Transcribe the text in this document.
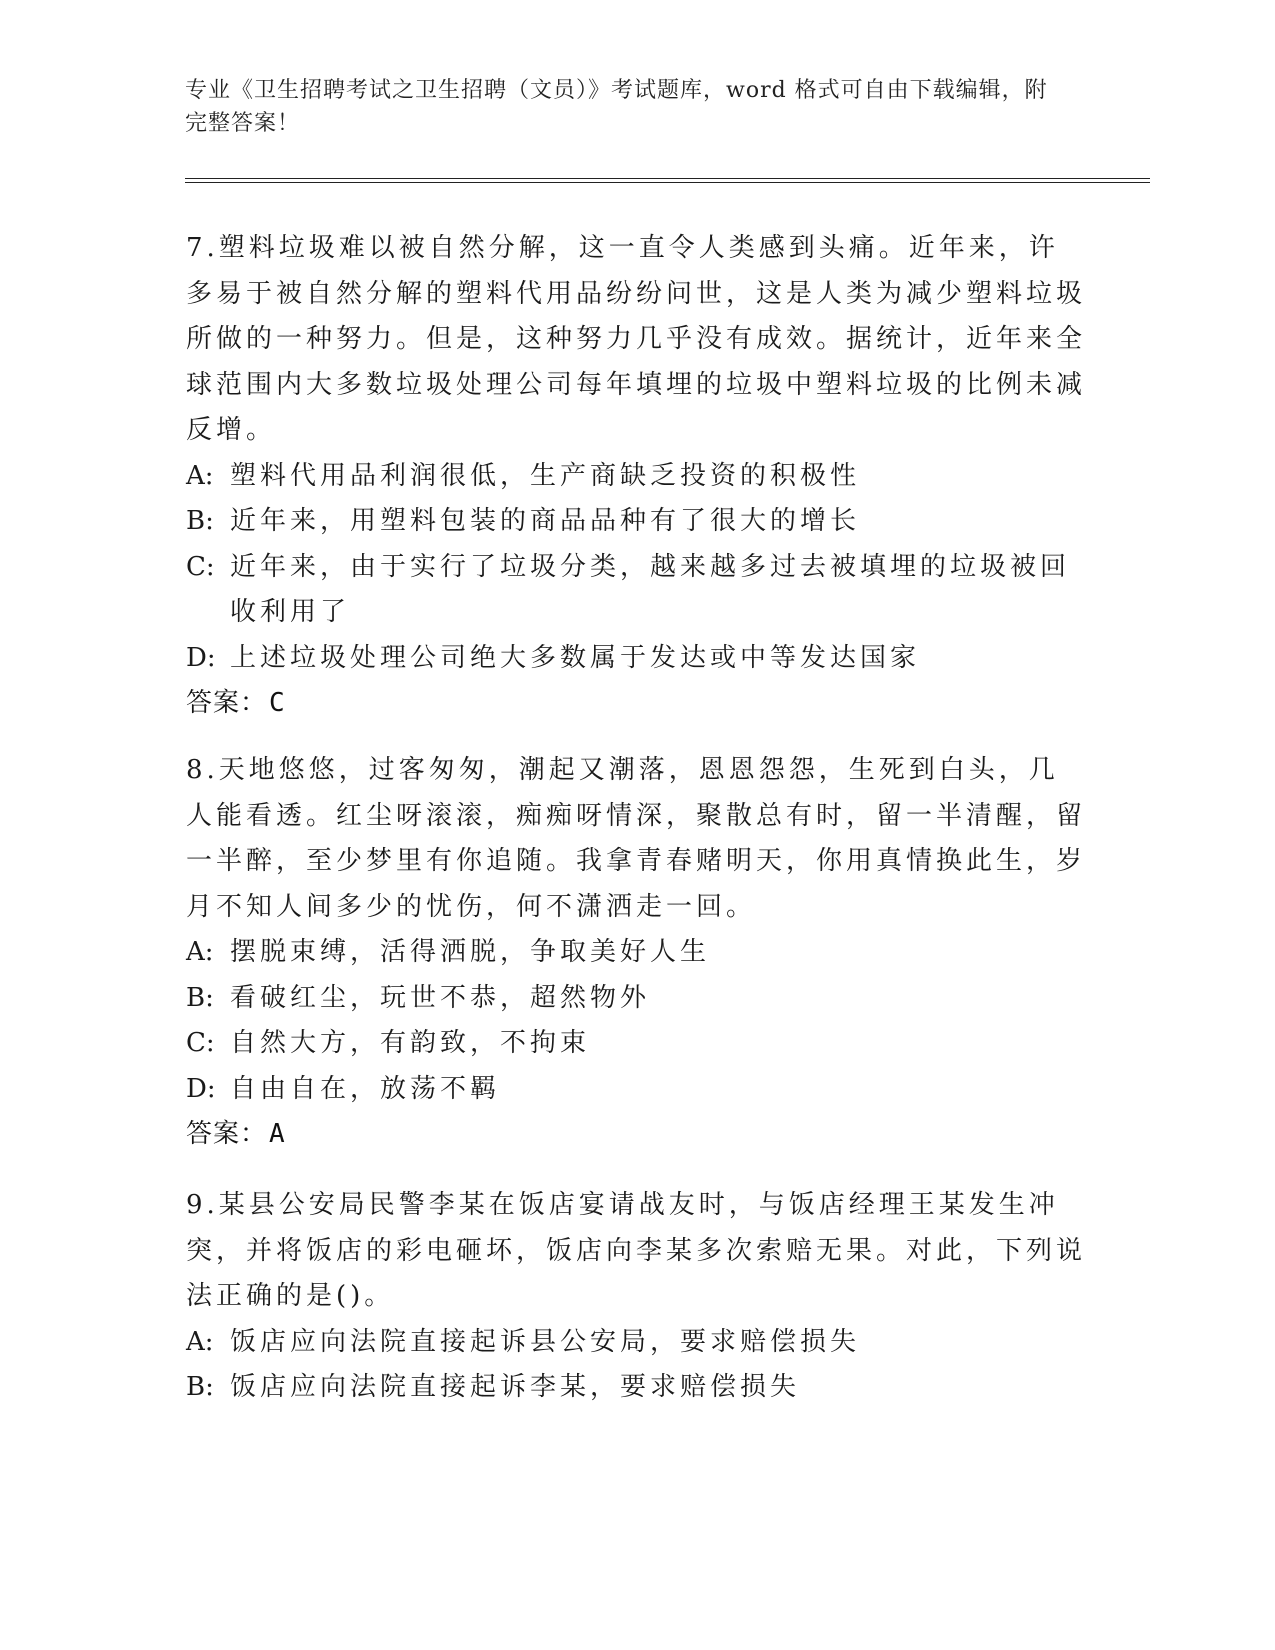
专业《卫生招聘考试之卫生招聘（文员）》考试题库，word 格式可自由下载编辑，附完整答案！

7.塑料垃圾难以被自然分解，这一直令人类感到头痛。近年来，许多易于被自然分解的塑料代用品纷纷问世，这是人类为减少塑料垃圾所做的一种努力。但是，这种努力几乎没有成效。据统计，近年来全球范围内大多数垃圾处理公司每年填埋的垃圾中塑料垃圾的比例未减反增。

A: 塑料代用品利润很低，生产商缺乏投资的积极性
B: 近年来，用塑料包装的商品品种有了很大的增长
C: 近年来，由于实行了垃圾分类，越来越多过去被填埋的垃圾被回收利用了
D: 上述垃圾处理公司绝大多数属于发达或中等发达国家

答案：C

8.天地悠悠，过客匆匆，潮起又潮落，恩恩怨怨，生死到白头，几人能看透。红尘呀滚滚，痴痴呀情深，聚散总有时，留一半清醒，留一半醉，至少梦里有你追随。我拿青春赌明天，你用真情换此生，岁月不知人间多少的忧伤，何不潇洒走一回。

A: 摆脱束缚，活得洒脱，争取美好人生
B: 看破红尘，玩世不恭，超然物外
C: 自然大方，有韵致，不拘束
D: 自由自在，放荡不羁

答案：A

9.某县公安局民警李某在饭店宴请战友时，与饭店经理王某发生冲突，并将饭店的彩电砸坏，饭店向李某多次索赔无果。对此，下列说法正确的是()。

A: 饭店应向法院直接起诉县公安局，要求赔偿损失
B: 饭店应向法院直接起诉李某，要求赔偿损失
